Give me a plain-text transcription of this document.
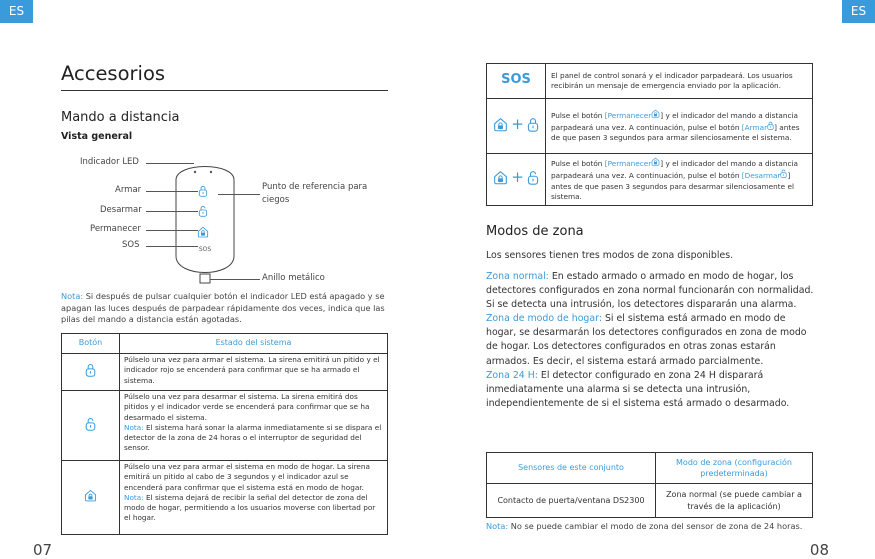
ES	ES
07	08
Accesorios
Mando a distancia
Vista general
SOS
Indicador LED
Armar
Desarmar
Permanecer
SOS
Punto de referencia para ciegos
Anillo metálico
Nota: Si después de pulsar cualquier botón el indicador LED está apagado y se apagan las luces después de parpadear rápidamente dos veces, indica que las pilas del mando a distancia están agotadas.
Botón	Estado del sistema
	Púlselo una vez para armar el sistema. La sirena emitirá un pitido y el indicador rojo se encenderá para confirmar que se ha armado el sistema.
	Púlselo una vez para desarmar el sistema. La sirena emitirá dos pitidos y el indicador verde se encenderá para confirmar que se ha desarmado el sistema.
Nota: El sistema hará sonar la alarma inmediatamente si se dispara el detector de la zona de 24 horas o el interruptor de seguridad del sensor.
	Púlselo una vez para armar el sistema en modo de hogar. La sirena emitirá un pitido al cabo de 3 segundos y el indicador azul se encenderá para confirmar que el sistema está en modo de hogar.
Nota: El sistema dejará de recibir la señal del detector de zona del modo de hogar, permitiendo a los usuarios moverse con libertad por el hogar.
SOS	El panel de control sonará y el indicador parpadeará. Los usuarios recibirán un mensaje de emergencia enviado por la aplicación.
+	Pulse el botón [Permanecer ] y el indicador del mando a distancia parpadeará una vez. A continuación, pulse el botón [Armar ] antes de que pasen 3 segundos para armar silenciosamente el sistema.
+	Pulse el botón [Permanecer ] y el indicador del mando a distancia parpadeará una vez. A continuación, pulse el botón [Desarmar ] antes de que pasen 3 segundos para desarmar silenciosamente el sistema.
Modos de zona
Los sensores tienen tres modos de zona disponibles.

Zona normal: En estado armado o armado en modo de hogar, los detectores configurados en zona normal funcionarán con normalidad. Si se detecta una intrusión, los detectores dispararán una alarma.

Zona de modo de hogar: Si el sistema está armado en modo de hogar, se desarmarán los detectores configurados en zona de modo de hogar. Los detectores configurados en otras zonas estarán armados. Es decir, el sistema estará armado parcialmente.

Zona 24 H: El detector configurado en zona 24 H disparará inmediatamente una alarma si se detecta una intrusión, independientemente de si el sistema está armado o desarmado.

Sensores de este conjunto	Modo de zona (configuración predeterminada)
Contacto de puerta/ventana DS2300	Zona normal (se puede cambiar a través de la aplicación)
Nota: No se puede cambiar el modo de zona del sensor de zona de 24 horas.
